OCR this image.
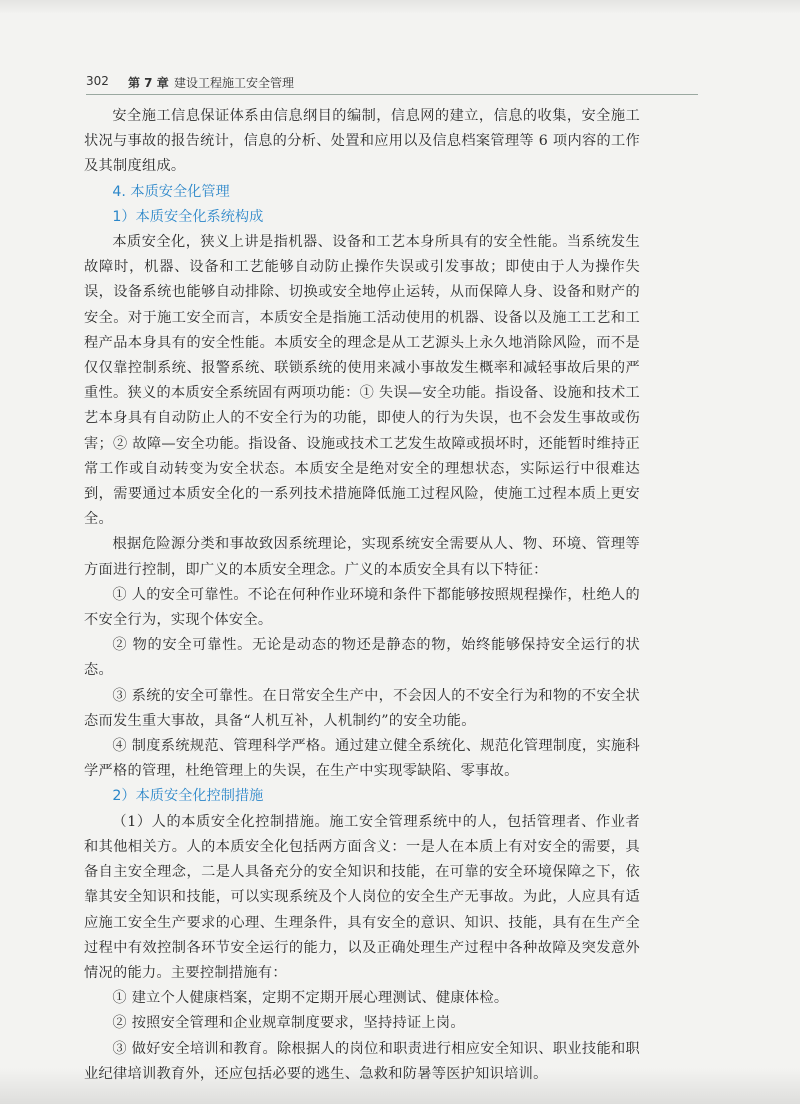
302 第 7 章 建设工程施工安全管理

安全施工信息保证体系由信息纲目的编制，信息网的建立，信息的收集，安全施工状况与事故的报告统计，信息的分析、处置和应用以及信息档案管理等 6 项内容的工作及其制度组成。

4. 本质安全化管理

1）本质安全化系统构成

本质安全化，狭义上讲是指机器、设备和工艺本身所具有的安全性能。当系统发生故障时，机器、设备和工艺能够自动防止操作失误或引发事故；即使由于人为操作失误，设备系统也能够自动排除、切换或安全地停止运转，从而保障人身、设备和财产的安全。对于施工安全而言，本质安全是指施工活动使用的机器、设备以及施工工艺和工程产品本身具有的安全性能。本质安全的理念是从工艺源头上永久地消除风险，而不是仅仅靠控制系统、报警系统、联锁系统的使用来减小事故发生概率和减轻事故后果的严重性。狭义的本质安全系统固有两项功能：① 失误—安全功能。指设备、设施和技术工艺本身具有自动防止人的不安全行为的功能，即使人的行为失误，也不会发生事故或伤害；② 故障—安全功能。指设备、设施或技术工艺发生故障或损坏时，还能暂时维持正常工作或自动转变为安全状态。本质安全是绝对安全的理想状态，实际运行中很难达到，需要通过本质安全化的一系列技术措施降低施工过程风险，使施工过程本质上更安全。

根据危险源分类和事故致因系统理论，实现系统安全需要从人、物、环境、管理等方面进行控制，即广义的本质安全理念。广义的本质安全具有以下特征：

① 人的安全可靠性。不论在何种作业环境和条件下都能够按照规程操作，杜绝人的不安全行为，实现个体安全。

② 物的安全可靠性。无论是动态的物还是静态的物，始终能够保持安全运行的状态。

③ 系统的安全可靠性。在日常安全生产中，不会因人的不安全行为和物的不安全状态而发生重大事故，具备“人机互补，人机制约”的安全功能。

④ 制度系统规范、管理科学严格。通过建立健全系统化、规范化管理制度，实施科学严格的管理，杜绝管理上的失误，在生产中实现零缺陷、零事故。

2）本质安全化控制措施

（1）人的本质安全化控制措施。施工安全管理系统中的人，包括管理者、作业者和其他相关方。人的本质安全化包括两方面含义：一是人在本质上有对安全的需要，具备自主安全理念，二是人具备充分的安全知识和技能，在可靠的安全环境保障之下，依靠其安全知识和技能，可以实现系统及个人岗位的安全生产无事故。为此，人应具有适应施工安全生产要求的心理、生理条件，具有安全的意识、知识、技能，具有在生产全过程中有效控制各环节安全运行的能力，以及正确处理生产过程中各种故障及突发意外情况的能力。主要控制措施有：

① 建立个人健康档案，定期不定期开展心理测试、健康体检。

② 按照安全管理和企业规章制度要求，坚持持证上岗。

③ 做好安全培训和教育。除根据人的岗位和职责进行相应安全知识、职业技能和职业纪律培训教育外，还应包括必要的逃生、急救和防暑等医护知识培训。
